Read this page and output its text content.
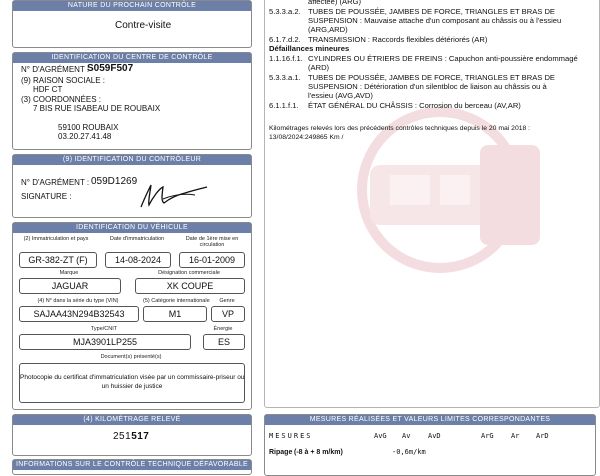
NATURE DU PROCHAIN CONTRÔLE
Contre-visite
IDENTIFICATION DU CENTRE DE CONTRÔLE
N° D'AGRÉMENT :
S059F507
(9) RAISON SOCIALE :
HDF CT
(3) COORDONNÉES :
7 BIS RUE ISABEAU DE ROUBAIX
59100 ROUBAIX
03.20.27.41.48
(9) IDENTIFICATION DU CONTRÔLEUR
N° D'AGRÉMENT : 059D1269
SIGNATURE :
IDENTIFICATION DU VÉHICULE
(2) Immatriculation et pays	Date d'immatriculation	Date de 1ère mise en
circulation
GR-382-ZT (F)	14-08-2024	16-01-2009
Marque	Désignation commerciale
JAGUAR	XK COUPE
(4) N° dans la série du type (VIN)	(5) Catégorie internationale	Genre
SAJAA43N294B32543	M1	VP
Type/CNIT	Énergie
MJA3901LP255	ES
Document(s) présenté(s)
Photocopie du certificat d'immatriculation visée par un commissaire-priseur ou
un huissier de justice
(4) KILOMÉTRAGE RELEVÉ
251517
INFORMATIONS SUR LE CONTRÔLE TECHNIQUE DÉFAVORABLE
affectée) (ARG)
5.3.3.a.2. TUBES DE POUSSÉE, JAMBES DE FORCE, TRIANGLES ET BRAS DE
SUSPENSION : Mauvaise attache d'un composant au châssis ou à l'essieu
(ARG,ARD)
6.1.7.d.2. TRANSMISSION : Raccords flexibles détériorés (AR)
Défaillances mineures
1.1.16.f.1. CYLINDRES OU ÉTRIERS DE FREINS : Capuchon anti-poussière endommagé
(ARD)
5.3.3.a.1. TUBES DE POUSSÉE, JAMBES DE FORCE, TRIANGLES ET BRAS DE
SUSPENSION : Détérioration d'un silentbloc de liaison au châssis ou à
l'essieu (AVG,AVD)
6.1.1.f.1. ÉTAT GÉNÉRAL DU CHÂSSIS : Corrosion du berceau (AV,AR)
Kilométrages relevés lors des précédents contrôles techniques depuis le 20 mai 2018 :
13/08/2024:249865 Km /
MESURES RÉALISÉES ET VALEURS LIMITES CORRESPONDANTES
MESURES	AvG Av	AvD	ArG Ar ArD
Ripage (-8 à + 8 m/km)	-0,6m/km
